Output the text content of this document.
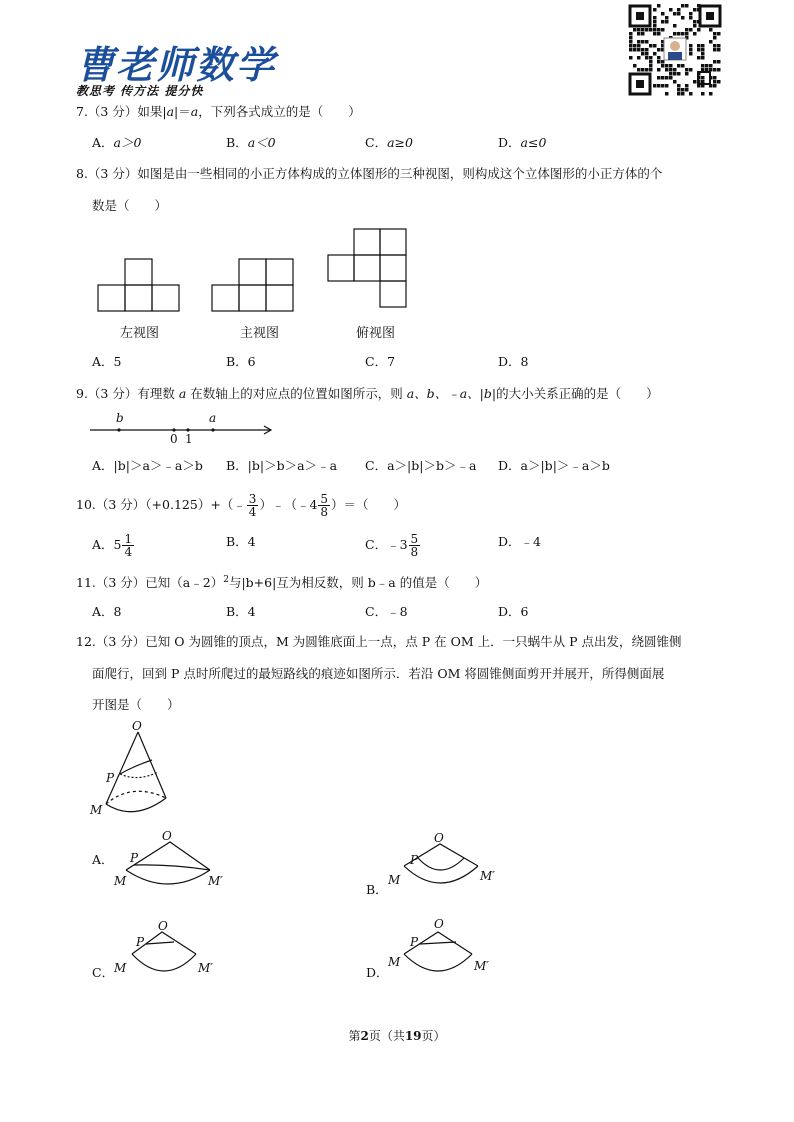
曹老师数学
教思考 传方法 提分快
7.（3 分）如果|a|＝a，下列各式成立的是（　　）
A．a＞0	B．a＜0	C．a≥0	D．a≤0
8.（3 分）如图是由一些相同的小正方体构成的立体图形的三种视图，则构成这个立体图形的小正方体的个
数是（　　）
左视图	主视图	俯视图
A．5	B．6	C．7	D．8
9.（3 分）有理数 a 在数轴上的对应点的位置如图所示，则 a、b、﹣a、|b|的大小关系正确的是（　　）
b
0 1
a
A．|b|＞a＞﹣a＞b B．|b|＞b＞a＞﹣a C．a＞|b|＞b＞﹣a D．a＞|b|＞﹣a＞b
10.（3 分）（+0.125）+（﹣ $\frac{3}{4}$ ）﹣（﹣4 $\frac{5}{8}$ ）＝（　　）
A．$5 \frac{1}{4}$	B．4	C．﹣3 $\frac{5}{8}$	D．﹣4
11.（3 分）已知（a﹣2）$^2$与|b+6|互为相反数，则 b﹣a 的值是（　　）
A．8	B．4	C．﹣8	D．6
12.（3 分）已知 O 为圆锥的顶点，M 为圆锥底面上一点，点 P 在 OM 上．一只蜗牛从 P 点出发，绕圆锥侧
面爬行，回到 P 点时所爬过的最短路线的痕迹如图所示．若沿 OM 将圆锥侧面剪开并展开，所得侧面展
开图是（　　）
O
P
M
A．
O
P
M	M′
B．
O
P
M	M′
C．
O
P
M	M′	D．
O
P
M	M′
第2页（共19页）
